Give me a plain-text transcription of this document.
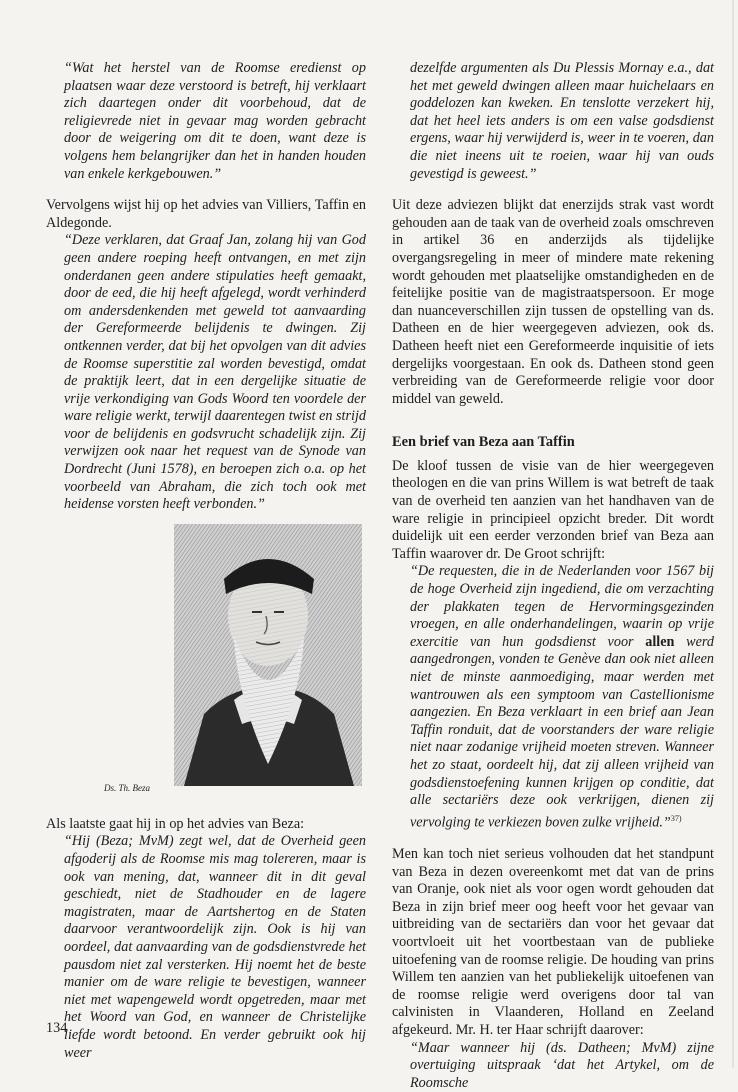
“Wat het herstel van de Roomse eredienst op plaatsen waar deze verstoord is betreft, hij verklaart zich daartegen onder dit voorbehoud, dat de religievrede niet in gevaar mag worden gebracht door de weigering om dit te doen, want deze is volgens hem belangrijker dan het in handen houden van enkele kerkgebouwen.”

Vervolgens wijst hij op het advies van Villiers, Taffin en Aldegonde.

“Deze verklaren, dat Graaf Jan, zolang hij van God geen andere roeping heeft ontvangen, en met zijn onderdanen geen andere stipulaties heeft gemaakt, door de eed, die hij heeft afgelegd, wordt verhinderd om andersdenkenden met geweld tot aanvaarding der Gereformeerde belijdenis te dwingen. Zij ontkennen verder, dat bij het opvolgen van dit advies de Roomse superstitie zal worden bevestigd, omdat de praktijk leert, dat in een dergelijke situatie de vrije verkondiging van Gods Woord ten voordele der ware religie werkt, terwijl daarentegen twist en strijd voor de belijdenis en godsvrucht schadelijk zijn. Zij verwijzen ook naar het request van de Synode van Dordrecht (Juni 1578), en beroepen zich o.a. op het voorbeeld van Abraham, die zich toch ook met heidense vorsten heeft verbonden.”

Ds. Th. Beza

Als laatste gaat hij in op het advies van Beza:

“Hij (Beza; MvM) zegt wel, dat de Overheid geen afgoderij als de Roomse mis mag tolereren, maar is ook van mening, dat, wanneer dit in dit geval geschiedt, niet de Stadhouder en de lagere magistraten, maar de Aartshertog en de Staten daarvoor verantwoordelijk zijn. Ook is hij van oordeel, dat aanvaarding van de godsdienstvrede het pausdom niet zal versterken. Hij noemt het de beste manier om de ware religie te bevestigen, wanneer niet met wapengeweld wordt opgetreden, maar met het Woord van God, en wanneer de Christelijke liefde wordt betoond. En verder gebruikt ook hij weer

dezelfde argumenten als Du Plessis Mornay e.a., dat het met geweld dwingen alleen maar huichelaars en goddelozen kan kweken. En tenslotte verzekert hij, dat het heel iets anders is om een valse godsdienst ergens, waar hij verwijderd is, weer in te voeren, dan die niet ineens uit te roeien, waar hij van ouds gevestigd is geweest.”

Uit deze adviezen blijkt dat enerzijds strak vast wordt gehouden aan de taak van de overheid zoals omschreven in artikel 36 en anderzijds als tijdelijke overgangsregeling in meer of mindere mate rekening wordt gehouden met plaatselijke omstandigheden en de feitelijke positie van de magistraatspersoon. Er moge dan nuanceverschillen zijn tussen de opstelling van ds. Datheen en de hier weergegeven adviezen, ook ds. Datheen heeft niet een Gereformeerde inquisitie of iets dergelijks voorgestaan. En ook ds. Datheen stond geen verbreiding van de Gereformeerde religie voor door middel van geweld.

Een brief van Beza aan Taffin

De kloof tussen de visie van de hier weergegeven theologen en die van prins Willem is wat betreft de taak van de overheid ten aanzien van het handhaven van de ware religie in principieel opzicht breder. Dit wordt duidelijk uit een eerder verzonden brief van Beza aan Taffin waarover dr. De Groot schrijft:

“De requesten, die in de Nederlanden voor 1567 bij de hoge Overheid zijn ingediend, die om verzachting der plakkaten tegen de Hervormingsgezinden vroegen, en alle onderhandelingen, waarin op vrije exercitie van hun godsdienst voor allen werd aangedrongen, vonden te Genève dan ook niet alleen niet de minste aanmoediging, maar werden met wantrouwen als een symptoom van Castellionisme aangezien. En Beza verklaart in een brief aan Jean Taffin ronduit, dat de voorstanders der ware religie niet naar zodanige vrijheid moeten streven. Wanneer het zo staat, oordeelt hij, dat zij alleen vrijheid van godsdienstoefening kunnen krijgen op conditie, dat alle sectariërs deze ook verkrijgen, dienen zij vervolging te verkiezen boven zulke vrijheid.”$^{37)}$

Men kan toch niet serieus volhouden dat het standpunt van Beza in dezen overeenkomt met dat van de prins van Oranje, ook niet als voor ogen wordt gehouden dat Beza in zijn brief meer oog heeft voor het gevaar van uitbreiding van de sectariërs dan voor het gevaar dat voortvloeit uit het voortbestaan van de publieke uitoefening van de roomse religie. De houding van prins Willem ten aanzien van het publiekelijk uitoefenen van de roomse religie werd overigens door tal van calvinisten in Vlaanderen, Holland en Zeeland afgekeurd. Mr. H. ter Haar schrijft daarover:

“Maar wanneer hij (ds. Datheen; MvM) zijne overtuiging uitspraak ‘dat het Artykel, om de Roomsche

134
